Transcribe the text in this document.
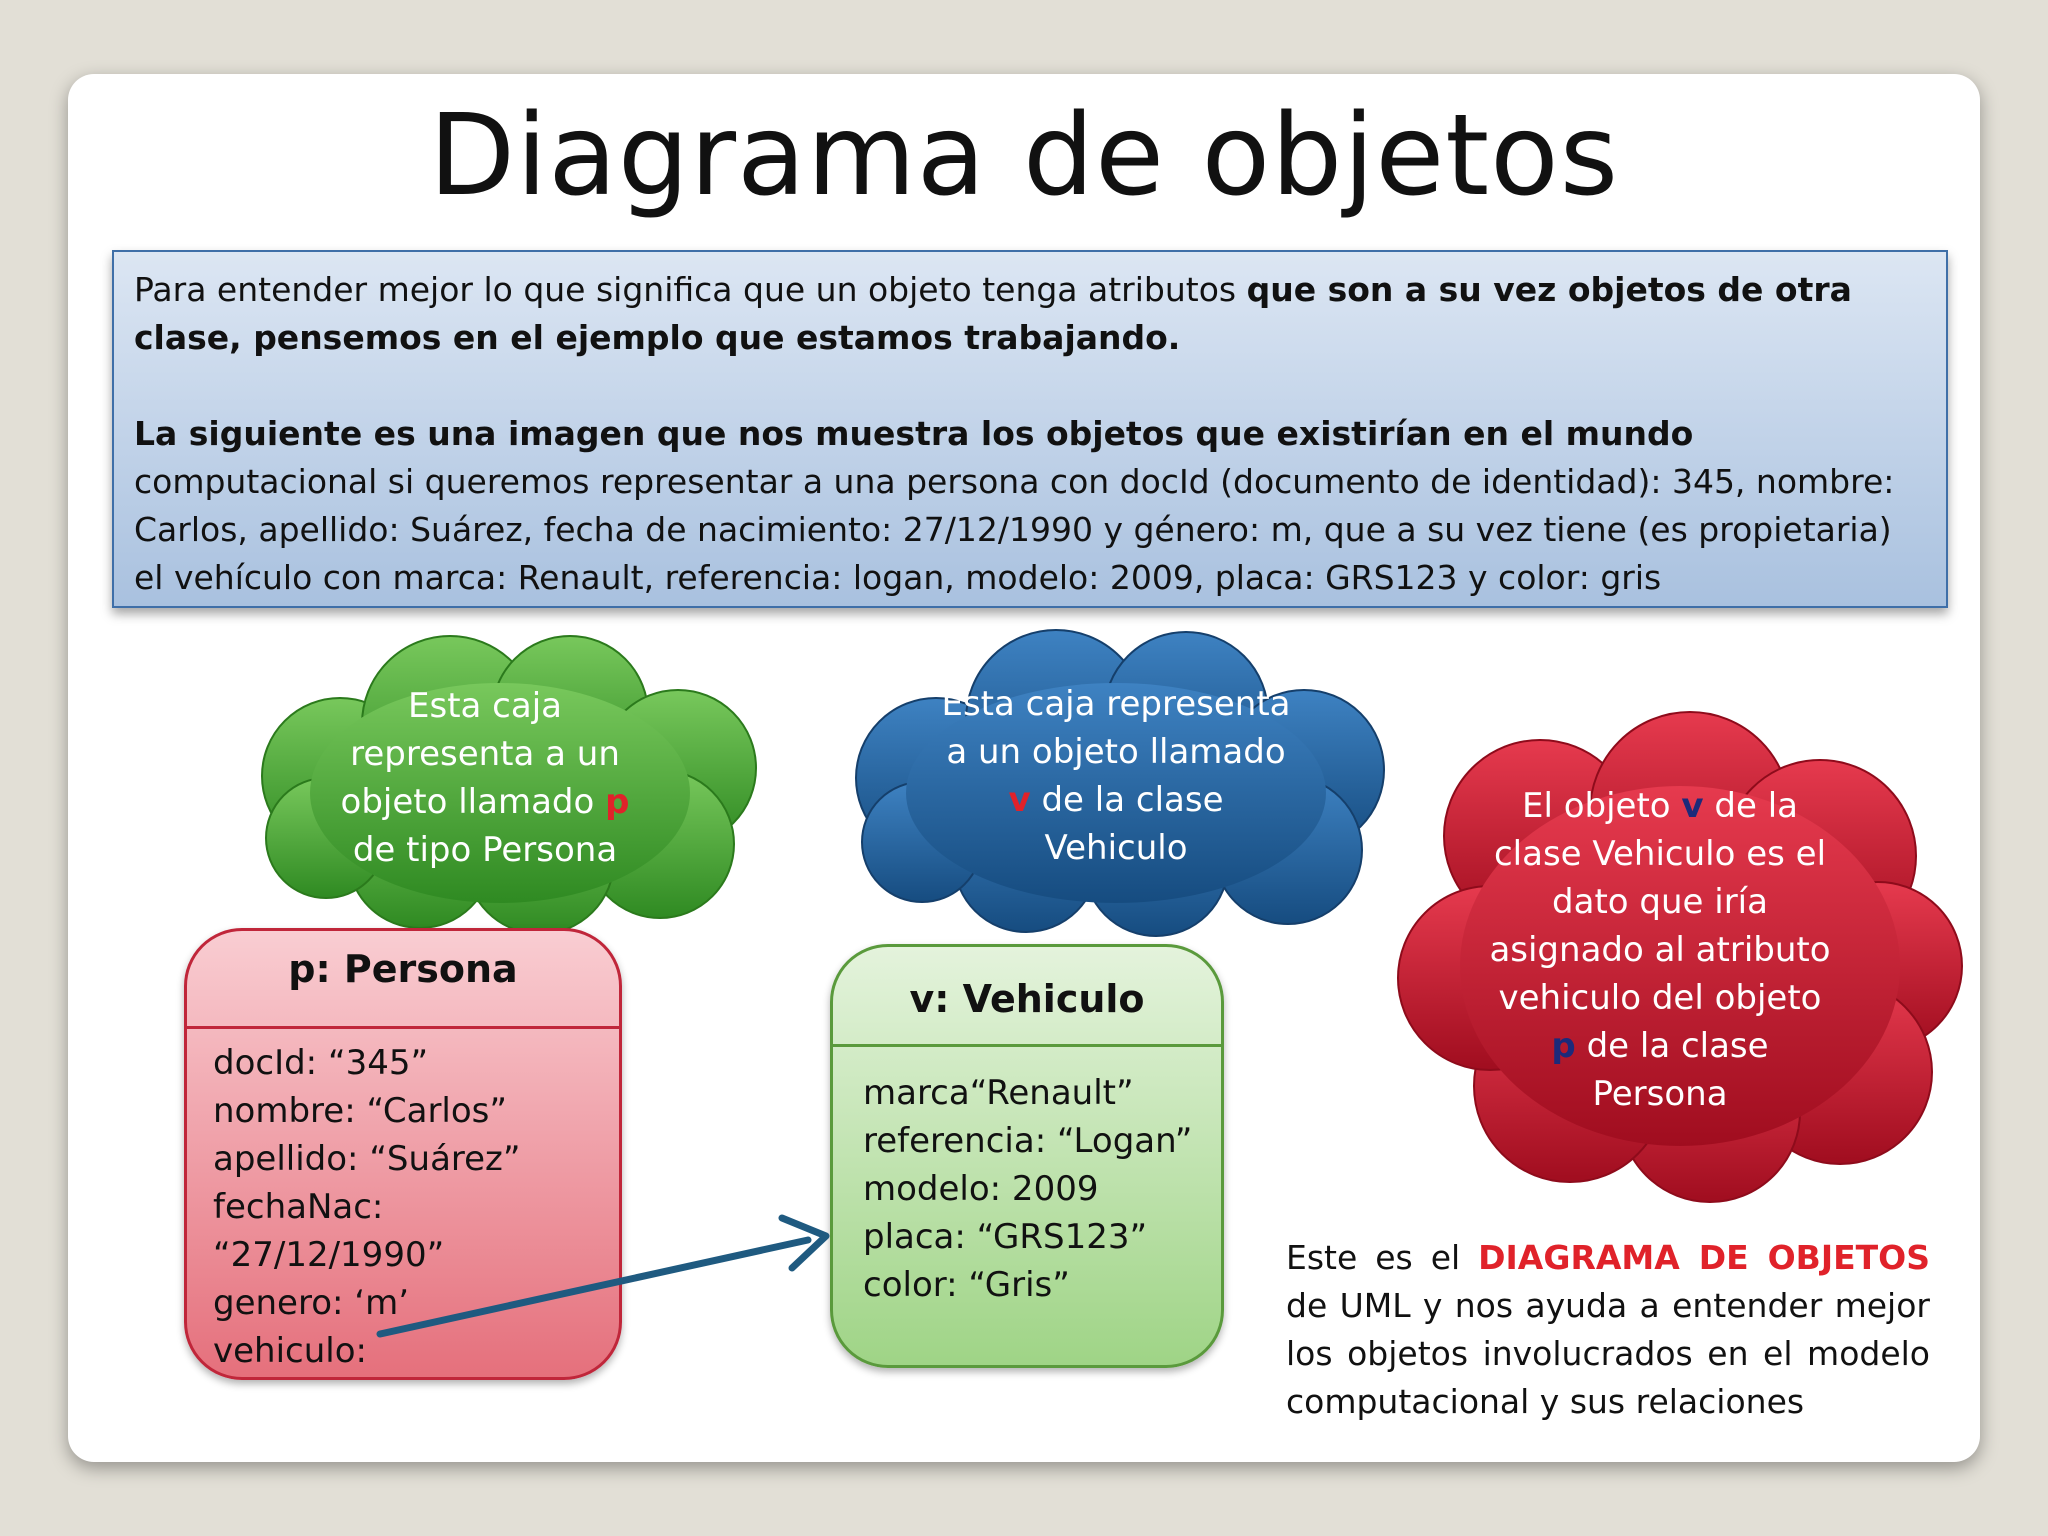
Diagrama de objetos

Para entender mejor lo que significa que un objeto tenga atributos que son a su vez objetos de otra clase, pensemos en el ejemplo que estamos trabajando.

La siguiente es una imagen que nos muestra los objetos que existirían en el mundo computacional si queremos representar a una persona con docId (documento de identidad): 345, nombre: Carlos, apellido: Suárez, fecha de nacimiento: 27/12/1990 y género: m, que a su vez tiene (es propietaria) el vehículo con marca: Renault, referencia: logan, modelo: 2009, placa: GRS123 y color: gris

Esta caja
representa a un
objeto llamado p
de tipo Persona
Esta caja representa
a un objeto llamado
v de la clase
Vehiculo
El objeto v de la
clase Vehiculo es el
dato que iría
asignado al atributo
vehiculo del objeto
p de la clase
Persona
p: Persona
docId: “345”
nombre: “Carlos”
apellido: “Suárez”
fechaNac:
“27/12/1990”
genero: ‘m’
vehiculo:
v: Vehiculo
marca“Renault”
referencia: “Logan”
modelo: 2009
placa: “GRS123”
color: “Gris”
Este es el DIAGRAMA DE OBJETOS de UML y nos ayuda a entender mejor los objetos involucrados en el modelo computacional y sus relaciones
